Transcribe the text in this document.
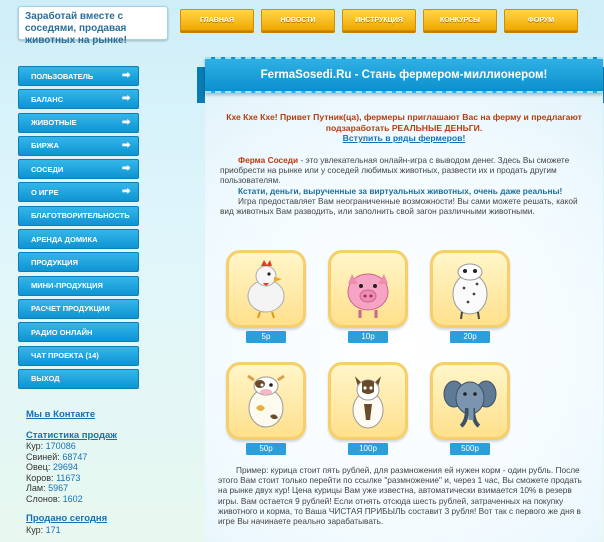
Заработай вместе с соседями, продавая животных на рынке!
ГЛАВНАЯ	НОВОСТИ	ИНСТРУКЦИЯ	КОНКУРСЫ	ФОРУМ
ПОЛЬЗОВАТЕЛЬ	➡
БАЛАНС	➡
ЖИВОТНЫЕ	➡
БИРЖА	➡
СОСЕДИ	➡
О ИГРЕ	➡
БЛАГОТВОРИТЕЛЬНОСТЬ
АРЕНДА ДОМИКА
ПРОДУКЦИЯ
МИНИ-ПРОДУКЦИЯ
РАСЧЕТ ПРОДУКЦИИ
РАДИО ОНЛАЙН
ЧАТ ПРОЕКТА (14)
ВЫХОД
Мы в Контакте
Статистика продаж
Кур: 170086
Свиней: 68747
Овец: 29694
Коров: 11673
Лам: 5967
Слонов: 1602
Продано сегодня
Кур: 171
FermaSosedi.Ru - Стань фермером-миллионером!
Кхе Кхе Кхе! Привет Путник(ца), фермеры приглашают Вас на ферму и предлагают подзаработать РЕАЛЬНЫЕ ДЕНЬГИ.
Вступить в ряды фермеров!

Ферма Соседи - это увлекательная онлайн-игра с выводом денег. Здесь Вы сможете приобрести на рынке или у соседей любимых животных, развести их и продать другим пользователям.

Кстати, деньги, вырученные за виртуальных животных, очень даже реальны!

Игра предоставляет Вам неограниченные возможности! Вы сами можете решать, какой вид животных Вам разводить, или заполнить свой загон различными животными.

5р	10р	20р
50р	100р	500р

Пример: курица стоит пять рублей, для размножения ей нужен корм - один рубль. После этого Вам стоит только перейти по ссылке "размножение" и, через 1 час, Вы сможете продать на рынке двух кур! Цена курицы Вам уже известна, автоматически взимается 10% в резерв игры. Вам остается 9 рублей! Если отнять отсюда шесть рублей, затраченных на покупку животного и корма, то Ваша ЧИСТАЯ ПРИБЫЛЬ составит 3 рубля! Вот так с первого же дня в игре Вы начинаете реально зарабатывать.
